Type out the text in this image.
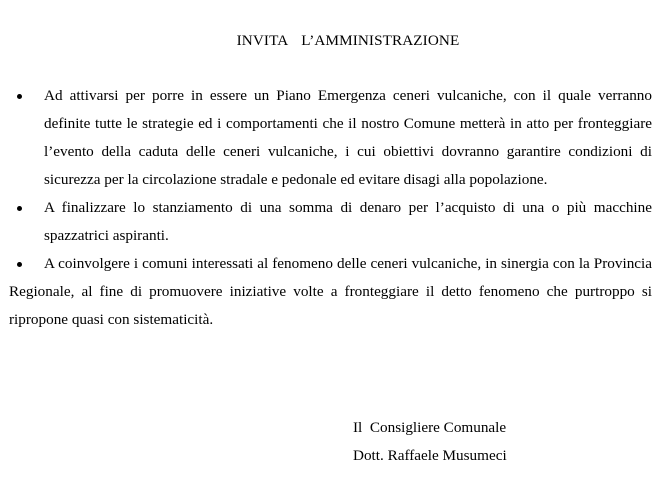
INVITA  L’AMMINISTRAZIONE
Ad attivarsi per porre in essere un Piano Emergenza ceneri vulcaniche, con il quale verranno definite tutte le strategie ed i comportamenti che il nostro Comune metterà in atto per fronteggiare l’evento della caduta delle ceneri vulcaniche, i cui obiettivi dovranno garantire condizioni di sicurezza per la circolazione stradale e pedonale ed evitare disagi alla popolazione.
A finalizzare lo stanziamento di una somma di denaro per l’acquisto di una o più macchine spazzatrici aspiranti.
A coinvolgere i comuni interessati al fenomeno delle ceneri vulcaniche, in sinergia con la Provincia Regionale, al fine di promuovere iniziative volte a fronteggiare il detto fenomeno che purtroppo si ripropone quasi con sistematicità.
Il  Consigliere Comunale
Dott. Raffaele Musumeci
